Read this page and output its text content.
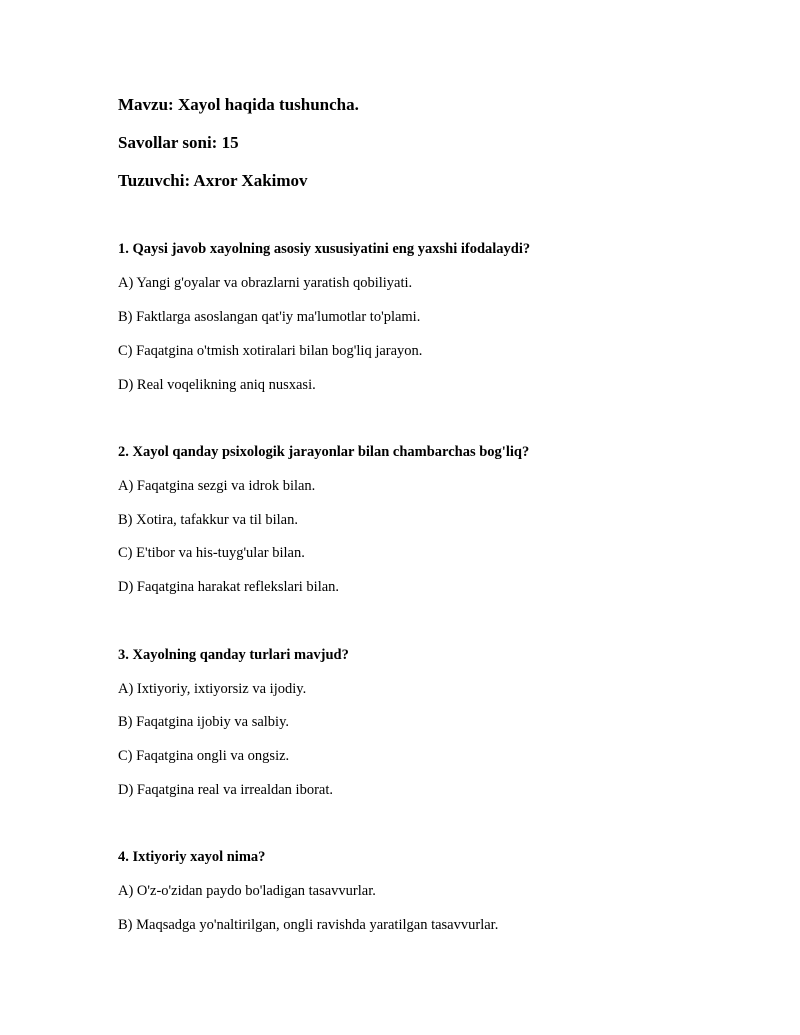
Mavzu: Xayol haqida tushuncha.
Savollar soni: 15
Tuzuvchi: Axror Xakimov
1. Qaysi javob xayolning asosiy xususiyatini eng yaxshi ifodalaydi?
A) Yangi g'oyalar va obrazlarni yaratish qobiliyati.
B) Faktlarga asoslangan qat'iy ma'lumotlar to'plami.
C) Faqatgina o'tmish xotiralari bilan bog'liq jarayon.
D) Real voqelikning aniq nusxasi.
2. Xayol qanday psixologik jarayonlar bilan chambarchas bog'liq?
A) Faqatgina sezgi va idrok bilan.
B) Xotira, tafakkur va til bilan.
C) E'tibor va his-tuyg'ular bilan.
D) Faqatgina harakat reflekslari bilan.
3. Xayolning qanday turlari mavjud?
A) Ixtiyoriy, ixtiyorsiz va ijodiy.
B) Faqatgina ijobiy va salbiy.
C) Faqatgina ongli va ongsiz.
D) Faqatgina real va irrealdan iborat.
4. Ixtiyoriy xayol nima?
A) O'z-o'zidan paydo bo'ladigan tasavvurlar.
B) Maqsadga yo'naltirilgan, ongli ravishda yaratilgan tasavvurlar.
